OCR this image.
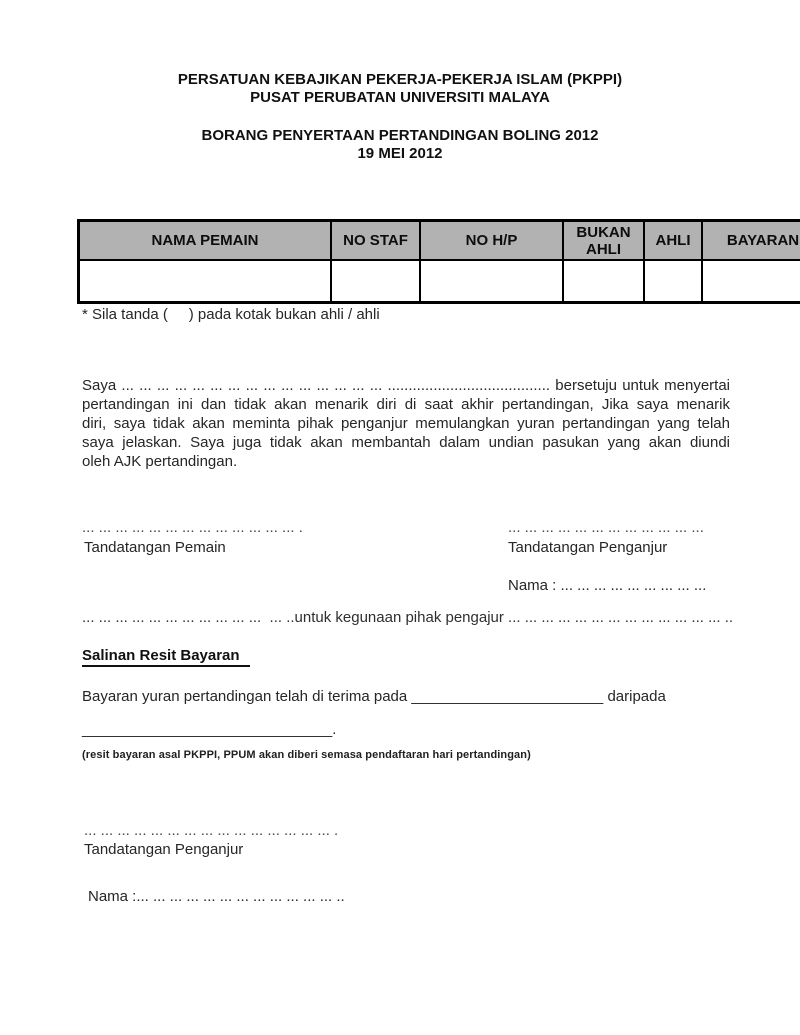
PERSATUAN KEBAJIKAN PEKERJA-PEKERJA ISLAM (PKPPI)
PUSAT PERUBATAN UNIVERSITI MALAYA
BORANG PENYERTAAN PERTANDINGAN BOLING 2012
19 MEI 2012
NAMA PEMAIN	NO STAF	NO H/P	BUKAN AHLI	AHLI	BAYARAN

* Sila tanda (     ) pada kotak bukan ahli / ahli
Saya ... ... ... ... ... ... ... ... ... ... ... ... ... ... ... ....................................... bersetuju untuk menyertai
pertandingan ini dan tidak akan menarik diri di saat akhir pertandingan, Jika saya menarik
diri, saya tidak akan meminta pihak penganjur memulangkan yuran pertandingan yang telah
saya jelaskan. Saya juga tidak akan membantah dalam undian pasukan yang akan diundi
oleh AJK pertandingan.
... ... ... ... ... ... ... ... ... ... ... ... ... .
Tandatangan Pemain
... ... ... ... ... ... ... ... ... ... ... ...
Tandatangan Penganjur
Nama : ... ... ... ... ... ... ... ... ...
... ... ... ... ... ... ... ... ... ... ...  ... ..untuk kegunaan pihak pengajur ... ... ... ... ... ... ... ... ... ... ... ... ... ..
Salinan Resit Bayaran
Bayaran yuran pertandingan telah di terima pada _______________________ daripada
______________________________.
(resit bayaran asal PKPPI, PPUM akan diberi semasa pendaftaran hari pertandingan)
... ... ... ... ... ... ... ... ... ... ... ... ... ... ... .
Tandatangan Penganjur
Nama :... ... ... ... ... ... ... ... ... ... ... ... ..
